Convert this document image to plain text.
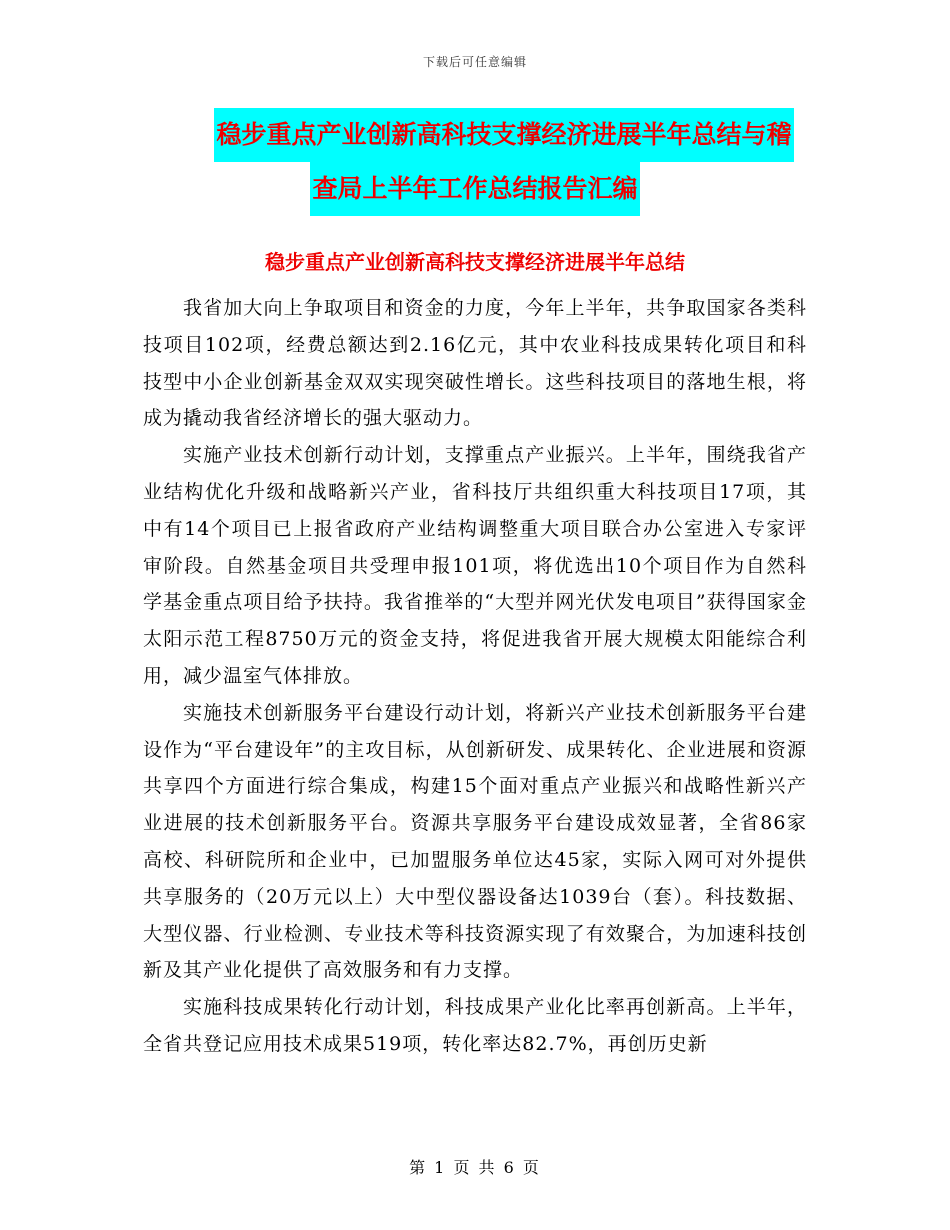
下载后可任意编辑
稳步重点产业创新高科技支撑经济进展半年总结与稽
查局上半年工作总结报告汇编
稳步重点产业创新高科技支撑经济进展半年总结

我省加大向上争取项目和资金的力度，今年上半年，共争取国家各类科技项目102项，经费总额达到2.16亿元，其中农业科技成果转化项目和科技型中小企业创新基金双双实现突破性增长。这些科技项目的落地生根，将成为撬动我省经济增长的强大驱动力。

实施产业技术创新行动计划，支撑重点产业振兴。上半年，围绕我省产业结构优化升级和战略新兴产业，省科技厅共组织重大科技项目17项，其中有14个项目已上报省政府产业结构调整重大项目联合办公室进入专家评审阶段。自然基金项目共受理申报101项，将优选出10个项目作为自然科学基金重点项目给予扶持。我省推举的“大型并网光伏发电项目”获得国家金太阳示范工程8750万元的资金支持，将促进我省开展大规模太阳能综合利用，减少温室气体排放。

实施技术创新服务平台建设行动计划，将新兴产业技术创新服务平台建设作为“平台建设年”的主攻目标，从创新研发、成果转化、企业进展和资源共享四个方面进行综合集成，构建15个面对重点产业振兴和战略性新兴产业进展的技术创新服务平台。资源共享服务平台建设成效显著，全省86家高校、科研院所和企业中，已加盟服务单位达45家，实际入网可对外提供共享服务的（20万元以上）大中型仪器设备达1039台（套）。科技数据、大型仪器、行业检测、专业技术等科技资源实现了有效聚合，为加速科技创新及其产业化提供了高效服务和有力支撑。

实施科技成果转化行动计划，科技成果产业化比率再创新高。上半年，全省共登记应用技术成果519项，转化率达82.7%，再创历史新

第 1 页 共 6 页
